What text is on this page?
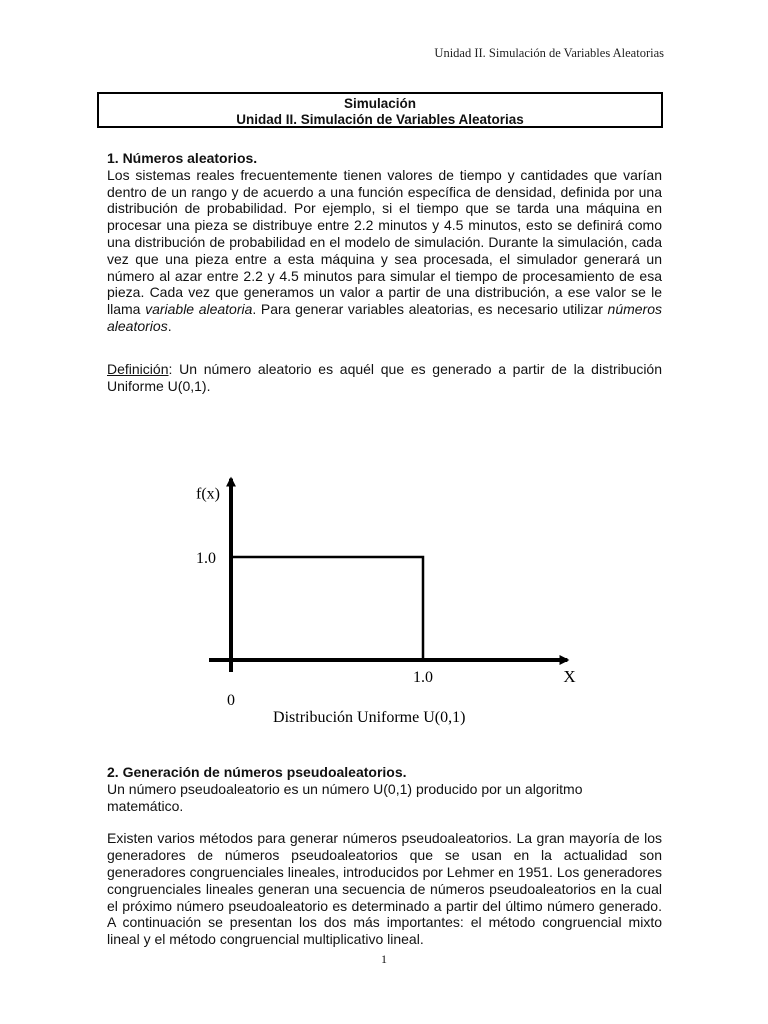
Unidad II. Simulación de Variables Aleatorias
Simulación
Unidad II. Simulación de Variables Aleatorias
1. Números aleatorios.

Los sistemas reales frecuentemente tienen valores de tiempo y cantidades que varían dentro de un rango y de acuerdo a una función específica de densidad, definida por una distribución de probabilidad. Por ejemplo, si el tiempo que se tarda una máquina en procesar una pieza se distribuye entre 2.2 minutos y 4.5 minutos, esto se definirá como una distribución de probabilidad en el modelo de simulación. Durante la simulación, cada vez que una pieza entre a esta máquina y sea procesada, el simulador generará un número al azar entre 2.2 y 4.5 minutos para simular el tiempo de procesamiento de esa pieza. Cada vez que generamos un valor a partir de una distribución, a ese valor se le llama variable aleatoria. Para generar variables aleatorias, es necesario utilizar números aleatorios.

Definición: Un número aleatorio es aquél que es generado a partir de la distribución Uniforme U(0,1).

f(x)
X
1.0
0
1.0
Distribución Uniforme U(0,1)
2. Generación de números pseudoaleatorios.

Un número pseudoaleatorio es un número U(0,1) producido por un algoritmo matemático.

Existen varios métodos para generar números pseudoaleatorios. La gran mayoría de los generadores de números pseudoaleatorios que se usan en la actualidad son generadores congruenciales lineales, introducidos por Lehmer en 1951. Los generadores congruenciales lineales generan una secuencia de números pseudoaleatorios en la cual el próximo número pseudoaleatorio es determinado a partir del último número generado. A continuación se presentan los dos más importantes: el método congruencial mixto lineal y el método congruencial multiplicativo lineal.

1
